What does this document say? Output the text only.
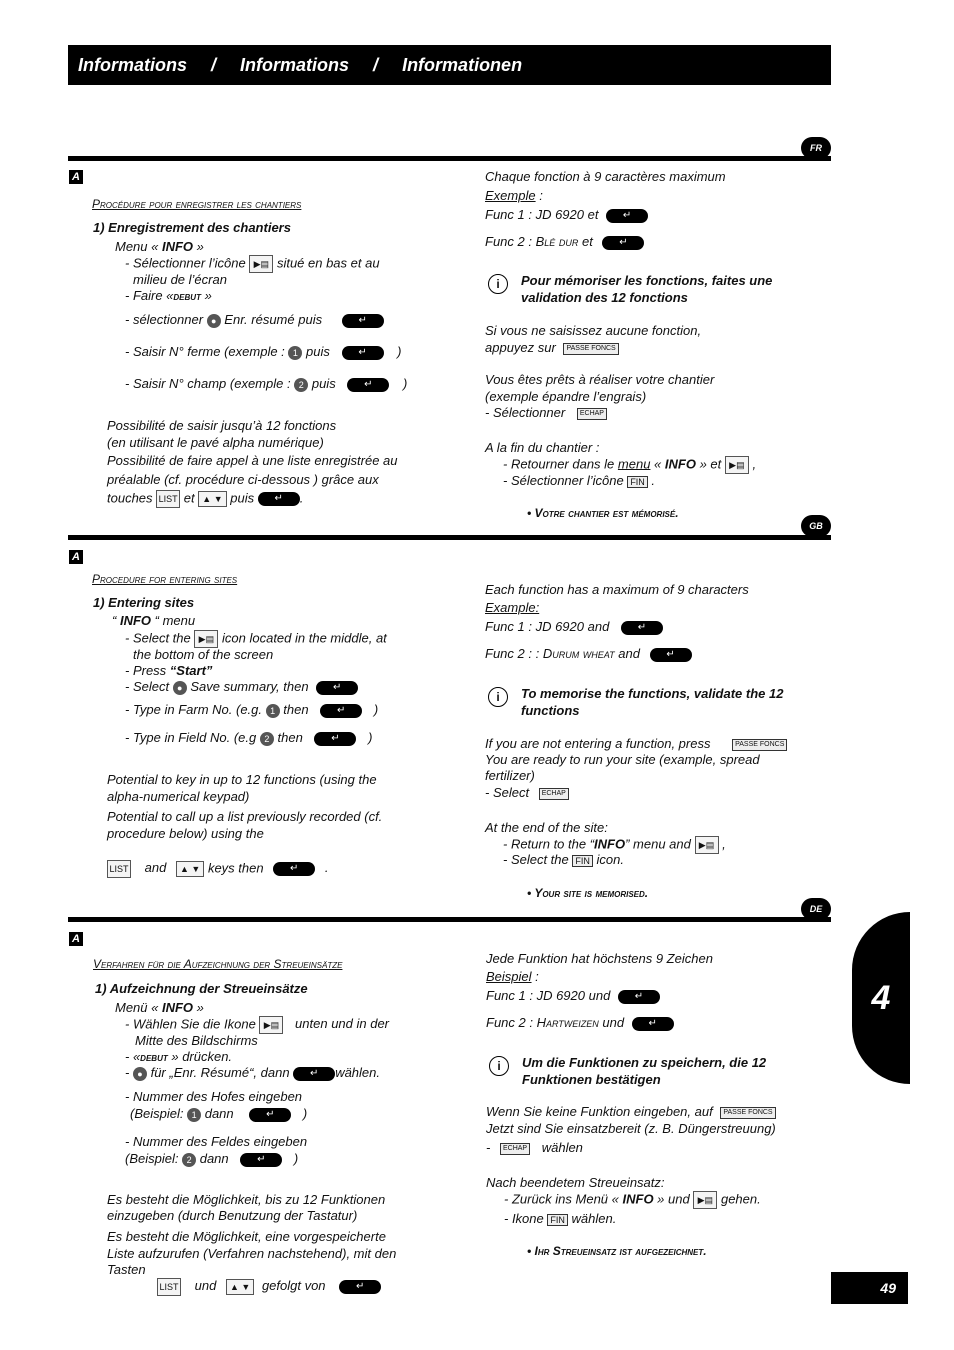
Informations / Informations / Informationen
FR
A
Procédure pour enregistrer les chantiers
1) Enregistrement des chantiers
Menu « INFO »
- Sélectionner l’icône ▶▤ situé en bas et au
milieu de l’écran
- Faire «debut »
- sélectionner ● Enr. résumé puis	↵
- Saisir N° ferme (exemple : 1 puis	↵ )
- Saisir N° champ (exemple : 2 puis	↵ )
Possibilité de saisir jusqu’à 12 fonctions
(en utilisant le pavé alpha numérique)
Possibilité de faire appel à une liste enregistrée au
préalable (cf. procédure ci-dessous ) grâce aux
touches LIST et ▲ ▼ puis ↵ .
Chaque fonction à 9 caractères maximum
Exemple :
Func 1 : JD 6920 et ↵
Func 2 : Blé dur et	↵
i	Pour mémoriser les fonctions, faites une validation des 12 fonctions
Si vous ne saisissez aucune fonction,
appuyez sur PASSE FONCS
Vous êtes prêts à réaliser votre chantier
(exemple épandre l’engrais)
- Sélectionner ECHAP
A la fin du chantier :
- Retourner dans le menu « INFO » et ▶▤ ,
- Sélectionner l’icône FIN .
• Votre chantier est mémorisé.
GB
A
Procedure for entering sites
1) Entering sites
“ INFO “ menu
- Select the ▶▤ icon located in the middle, at
the bottom of the screen
- Press “Start”
- Select ● Save summary, then ↵
- Type in Farm No. (e.g. 1 then	↵ )
- Type in Field No. (e.g 2 then	↵ )
Potential to key in up to 12 functions (using the
alpha-numerical keypad)
Potential to call up a list previously recorded (cf.
procedure below) using the
LIST and ▲ ▼ keys then	↵ .
Each function has a maximum of 9 characters
Example:
Func 1 : JD 6920 and	↵
Func 2 : : Durum wheat and	↵
i	To memorise the functions, validate the 12 functions
If you are not entering a function, press	PASSE FONCS
You are ready to run your site (example, spread
fertilizer)
- Select ECHAP
At the end of the site:
- Return to the “INFO” menu and ▶▤ ,
- Select the FIN icon.
• Your site is memorised.
DE
A
Verfahren für die Aufzeichnung der Streueinsätze
1) Aufzeichnung der Streueinsätze
Menü « INFO »
- Wählen Sie die Ikone ▶▤ unten und in der
Mitte des Bildschirms
- «debut » drücken.
- ● für „Enr. Résumé“, dann ↵ wählen.
- Nummer des Hofes eingeben
(Beispiel: 1 dann	↵ )
- Nummer des Feldes eingeben
(Beispiel: 2 dann	↵ )
Es besteht die Möglichkeit, bis zu 12 Funktionen
einzugeben (durch Benutzung der Tastatur)
Es besteht die Möglichkeit, eine vorgespeicherte
Liste aufzurufen (Verfahren nachstehend), mit den
Tasten
LIST und ▲ ▼ gefolgt von	↵
Jede Funktion hat höchstens 9 Zeichen
Beispiel :
Func 1 : JD 6920 und ↵
Func 2 : Hartweizen und ↵
i	Um die Funktionen zu speichern, die 12 Funktionen bestätigen
Wenn Sie keine Funktion eingeben, auf PASSE FONCS
Jetzt sind Sie einsatzbereit (z. B. Düngerstreuung)
- ECHAP wählen
Nach beendetem Streueinsatz:
- Zurück ins Menü « INFO » und ▶▤ gehen.
- Ikone FIN wählen.
• Ihr Streueinsatz ist aufgezeichnet.
4
49
